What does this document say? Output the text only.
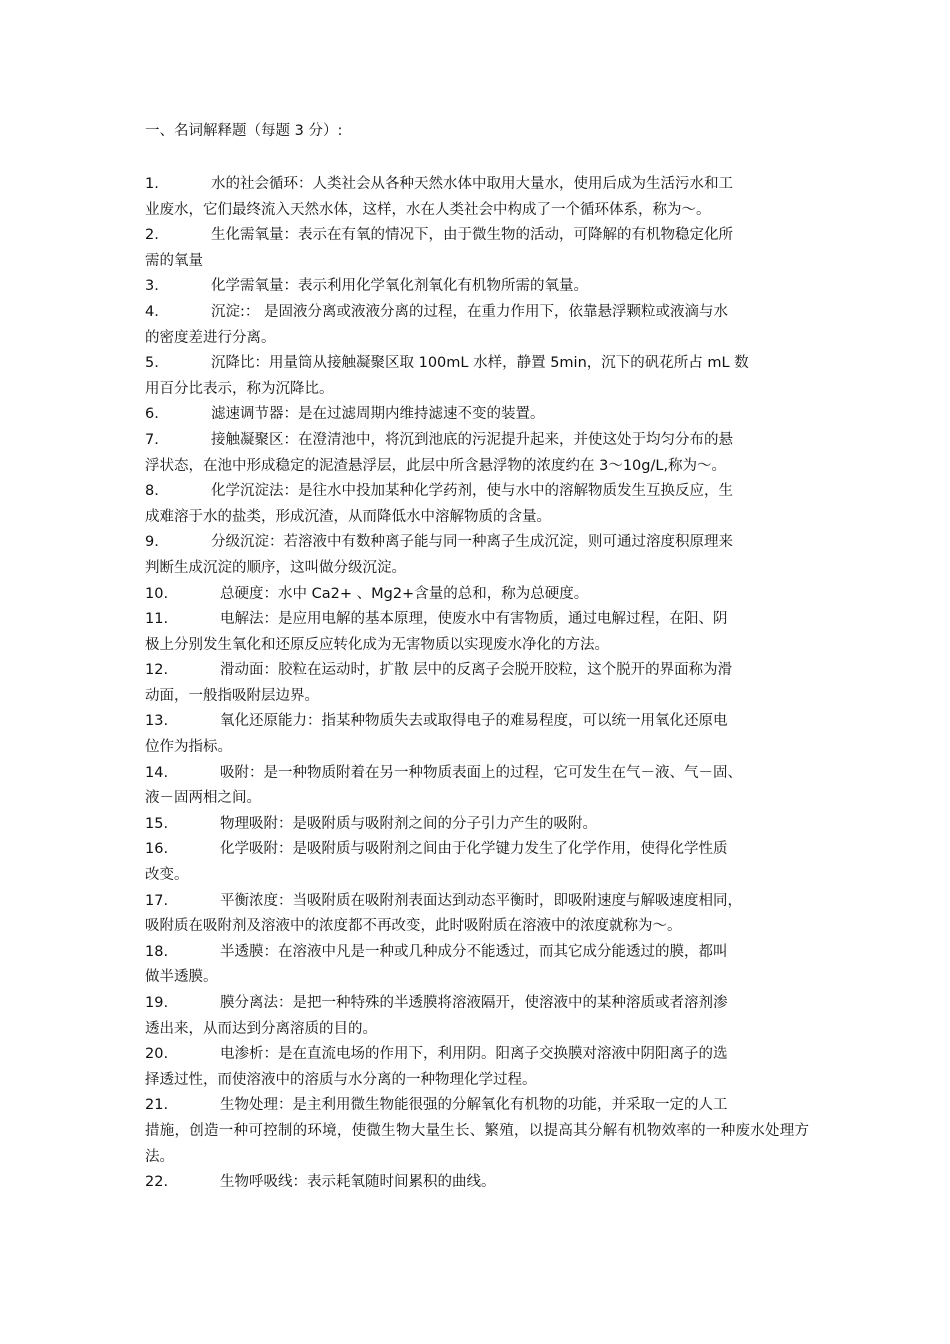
一、名词解释题（每题 3 分）:
1.	水的社会循环：人类社会从各种天然水体中取用大量水，使用后成为生活污水和工
业废水，它们最终流入天然水体，这样，水在人类社会中构成了一个循环体系，称为～。
2.	生化需氧量：表示在有氧的情况下，由于微生物的活动，可降解的有机物稳定化所
需的氧量
3.	化学需氧量：表示利用化学氧化剂氧化有机物所需的氧量。
4.	沉淀:： 是固液分离或液液分离的过程，在重力作用下，依靠悬浮颗粒或液滴与水
的密度差进行分离。
5.	沉降比：用量筒从接触凝聚区取 100mL 水样，静置 5min，沉下的矾花所占 mL 数
用百分比表示，称为沉降比。
6.	滤速调节器：是在过滤周期内维持滤速不变的装置。
7.	接触凝聚区：在澄清池中，将沉到池底的污泥提升起来，并使这处于均匀分布的悬
浮状态，在池中形成稳定的泥渣悬浮层，此层中所含悬浮物的浓度约在 3～10g/L,称为～。
8.	化学沉淀法：是往水中投加某种化学药剂，使与水中的溶解物质发生互换反应，生
成难溶于水的盐类，形成沉渣，从而降低水中溶解物质的含量。
9.	分级沉淀：若溶液中有数种离子能与同一种离子生成沉淀，则可通过溶度积原理来
判断生成沉淀的顺序，这叫做分级沉淀。
10.	总硬度：水中 Ca2+ 、Mg2+含量的总和，称为总硬度。
11.	电解法：是应用电解的基本原理，使废水中有害物质，通过电解过程，在阳、阴
极上分别发生氧化和还原反应转化成为无害物质以实现废水净化的方法。
12.	滑动面：胶粒在运动时，扩散 层中的反离子会脱开胶粒，这个脱开的界面称为滑
动面，一般指吸附层边界。
13.	氧化还原能力：指某种物质失去或取得电子的难易程度，可以统一用氧化还原电
位作为指标。
14.	吸附：是一种物质附着在另一种物质表面上的过程，它可发生在气－液、气－固、
液－固两相之间。
15.	物理吸附：是吸附质与吸附剂之间的分子引力产生的吸附。
16.	化学吸附：是吸附质与吸附剂之间由于化学键力发生了化学作用，使得化学性质
改变。
17.	平衡浓度：当吸附质在吸附剂表面达到动态平衡时，即吸附速度与解吸速度相同，
吸附质在吸附剂及溶液中的浓度都不再改变，此时吸附质在溶液中的浓度就称为～。
18.	半透膜：在溶液中凡是一种或几种成分不能透过，而其它成分能透过的膜，都叫
做半透膜。
19.	膜分离法：是把一种特殊的半透膜将溶液隔开，使溶液中的某种溶质或者溶剂渗
透出来，从而达到分离溶质的目的。
20.	电渗析：是在直流电场的作用下，利用阴。阳离子交换膜对溶液中阴阳离子的选
择透过性，而使溶液中的溶质与水分离的一种物理化学过程。
21.	生物处理：是主利用微生物能很强的分解氧化有机物的功能，并采取一定的人工
措施，创造一种可控制的环境，使微生物大量生长、繁殖，以提高其分解有机物效率的一种废水处理方法。
22.	生物呼吸线：表示耗氧随时间累积的曲线。
